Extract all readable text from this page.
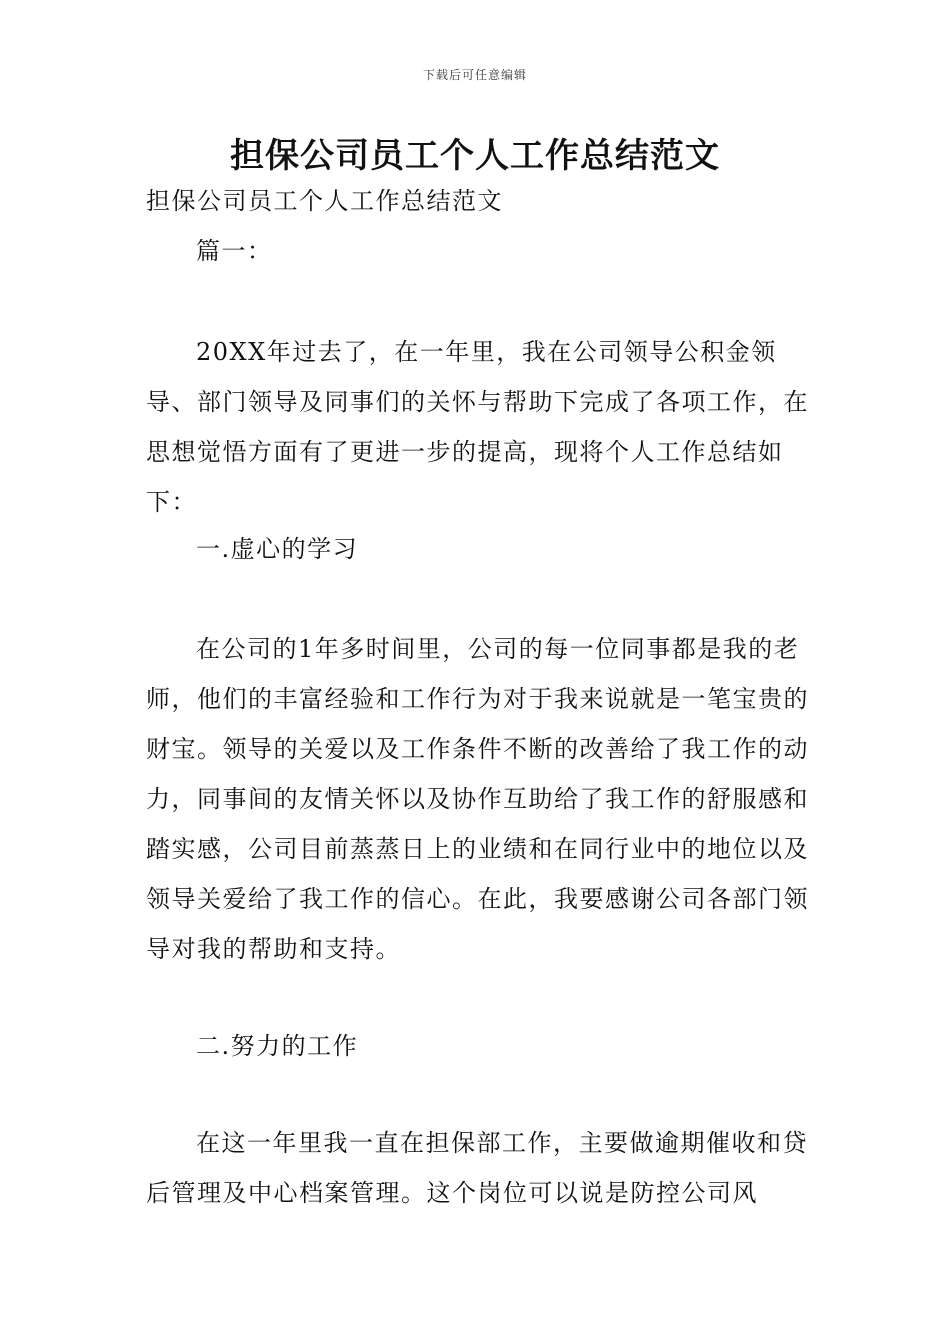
下载后可任意编辑
担保公司员工个人工作总结范文

担保公司员工个人工作总结范文

篇一：

20XX年过去了，在一年里，我在公司领导公积金领导、部门领导及同事们的关怀与帮助下完成了各项工作，在思想觉悟方面有了更进一步的提高，现将个人工作总结如下：

一.虚心的学习

在公司的1年多时间里，公司的每一位同事都是我的老师，他们的丰富经验和工作行为对于我来说就是一笔宝贵的财宝。领导的关爱以及工作条件不断的改善给了我工作的动力，同事间的友情关怀以及协作互助给了我工作的舒服感和踏实感，公司目前蒸蒸日上的业绩和在同行业中的地位以及领导关爱给了我工作的信心。在此，我要感谢公司各部门领导对我的帮助和支持。

二.努力的工作

在这一年里我一直在担保部工作，主要做逾期催收和贷后管理及中心档案管理。这个岗位可以说是防控公司风
